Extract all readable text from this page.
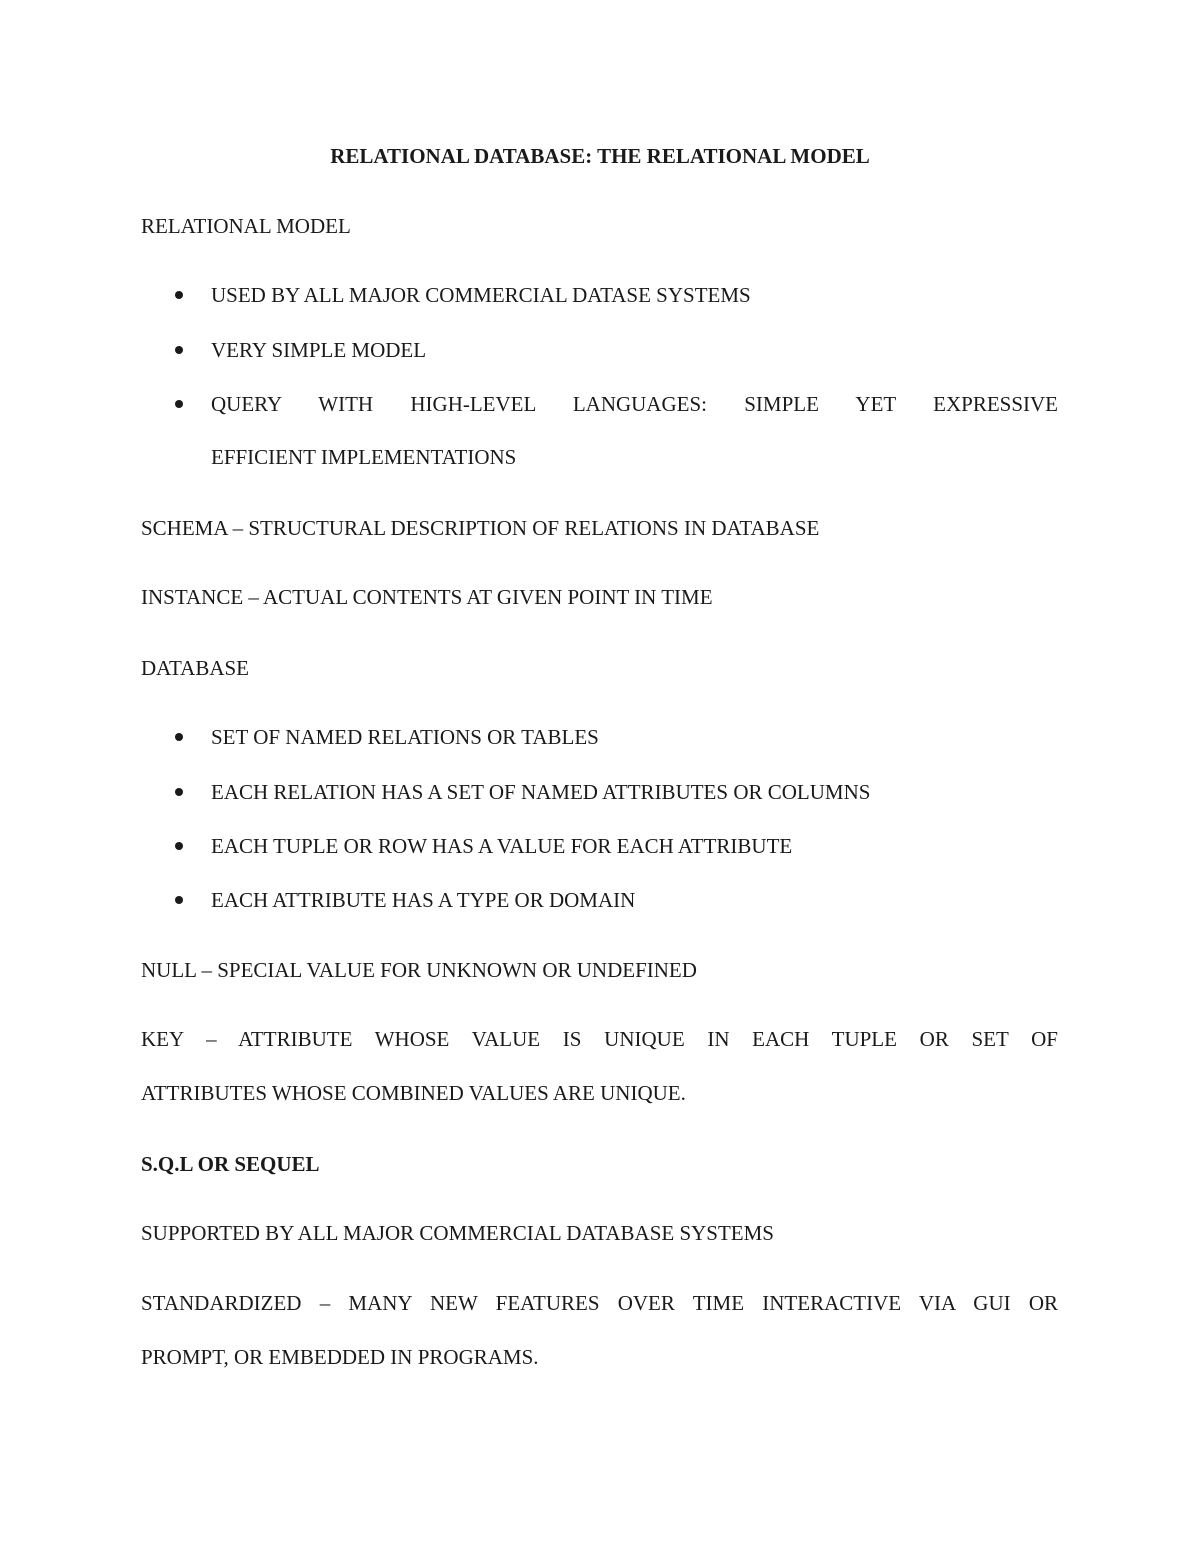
RELATIONAL DATABASE: THE RELATIONAL MODEL
RELATIONAL MODEL
USED BY ALL MAJOR COMMERCIAL DATASE SYSTEMS
VERY SIMPLE MODEL
QUERY WITH HIGH-LEVEL LANGUAGES: SIMPLE YET EXPRESSIVE
EFFICIENT IMPLEMENTATIONS
SCHEMA – STRUCTURAL DESCRIPTION OF RELATIONS IN DATABASE
INSTANCE – ACTUAL CONTENTS AT GIVEN POINT IN TIME
DATABASE
SET OF NAMED RELATIONS OR TABLES
EACH RELATION HAS A SET OF NAMED ATTRIBUTES OR COLUMNS
EACH TUPLE OR ROW HAS A VALUE FOR EACH ATTRIBUTE
EACH ATTRIBUTE HAS A TYPE OR DOMAIN
NULL – SPECIAL VALUE FOR UNKNOWN OR UNDEFINED
KEY – ATTRIBUTE WHOSE VALUE IS UNIQUE IN EACH TUPLE OR SET OF
ATTRIBUTES WHOSE COMBINED VALUES ARE UNIQUE.
S.Q.L OR SEQUEL
SUPPORTED BY ALL MAJOR COMMERCIAL DATABASE SYSTEMS
STANDARDIZED – MANY NEW FEATURES OVER TIME INTERACTIVE VIA GUI OR
PROMPT, OR EMBEDDED IN PROGRAMS.
